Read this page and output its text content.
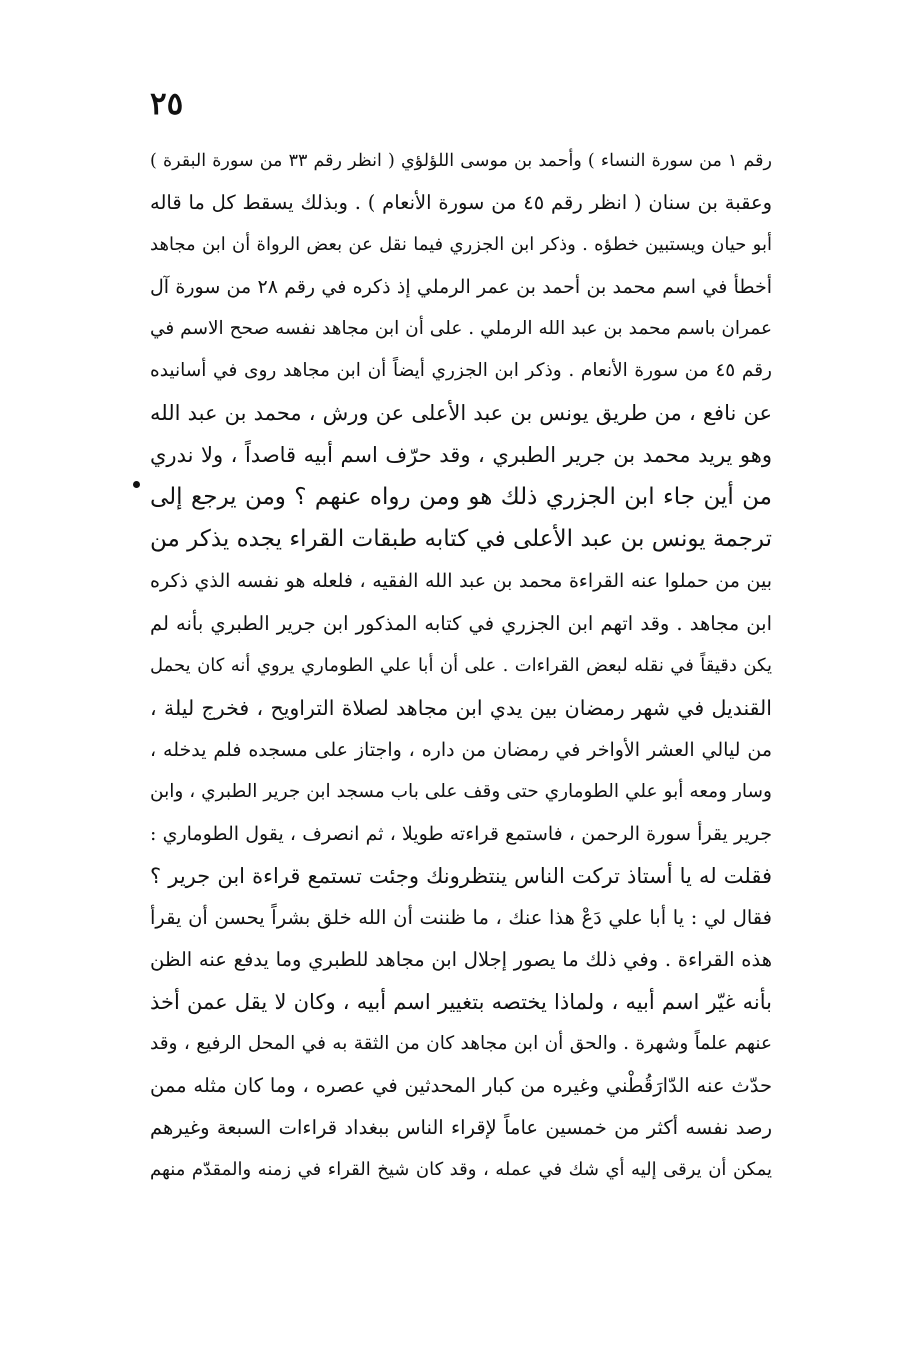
٢٥
رقم ١ من سورة النساء ) وأحمد بن موسى اللؤلؤي ( انظر رقم ٣٣ من سورة البقرة )
وعقبة بن سنان ( انظر رقم ٤٥ من سورة الأنعام ) . وبذلك يسقط كل ما قاله
أبو حيان ويستبين خطؤه . وذكر ابن الجزري فيما نقل عن بعض الرواة أن ابن مجاهد
أخطأ في اسم محمد بن أحمد بن عمر الرملي إذ ذكره في رقم ٢٨ من سورة آل
عمران باسم محمد بن عبد الله الرملي . على أن ابن مجاهد نفسه صحح الاسم في
رقم ٤٥ من سورة الأنعام . وذكر ابن الجزري أيضاً أن ابن مجاهد روى في أسانيده
عن نافع ، من طريق يونس بن عبد الأعلى عن ورش ، محمد بن عبد الله
وهو يريد محمد بن جرير الطبري ، وقد حرّف اسم أبيه قاصداً ، ولا ندري
من أين جاء ابن الجزري ذلك هو ومن رواه عنهم ؟ ومن يرجع إلى
ترجمة يونس بن عبد الأعلى في كتابه طبقات القراء يجده يذكر من
بين من حملوا عنه القراءة محمد بن عبد الله الفقيه ، فلعله هو نفسه الذي ذكره
ابن مجاهد . وقد اتهم ابن الجزري في كتابه المذكور ابن جرير الطبري بأنه لم
يكن دقيقاً في نقله لبعض القراءات . على أن أبا علي الطوماري يروي أنه كان يحمل
القنديل في شهر رمضان بين يدي ابن مجاهد لصلاة التراويح ، فخرج ليلة ،
من ليالي العشر الأواخر في رمضان من داره ، واجتاز على مسجده فلم يدخله ،
وسار ومعه أبو علي الطوماري حتى وقف على باب مسجد ابن جرير الطبري ، وابن
جرير يقرأ سورة الرحمن ، فاستمع قراءته طويلا ، ثم انصرف ، يقول الطوماري :
فقلت له يا أستاذ تركت الناس ينتظرونك وجئت تستمع قراءة ابن جرير ؟
فقال لي : يا أبا علي دَعْ هذا عنك ، ما ظننت أن الله خلق بشراً يحسن أن يقرأ
هذه القراءة . وفي ذلك ما يصور إجلال ابن مجاهد للطبري وما يدفع عنه الظن
بأنه غيّر اسم أبيه ، ولماذا يختصه بتغيير اسم أبيه ، وكان لا يقل عمن أخذ
عنهم علماً وشهرة . والحق أن ابن مجاهد كان من الثقة به في المحل الرفيع ، وقد
حدّث عنه الدّارَقُطْني وغيره من كبار المحدثين في عصره ، وما كان مثله ممن
رصد نفسه أكثر من خمسين عاماً لإقراء الناس ببغداد قراءات السبعة وغيرهم
يمكن أن يرقى إليه أي شك في عمله ، وقد كان شيخ القراء في زمنه والمقدّم منهم
